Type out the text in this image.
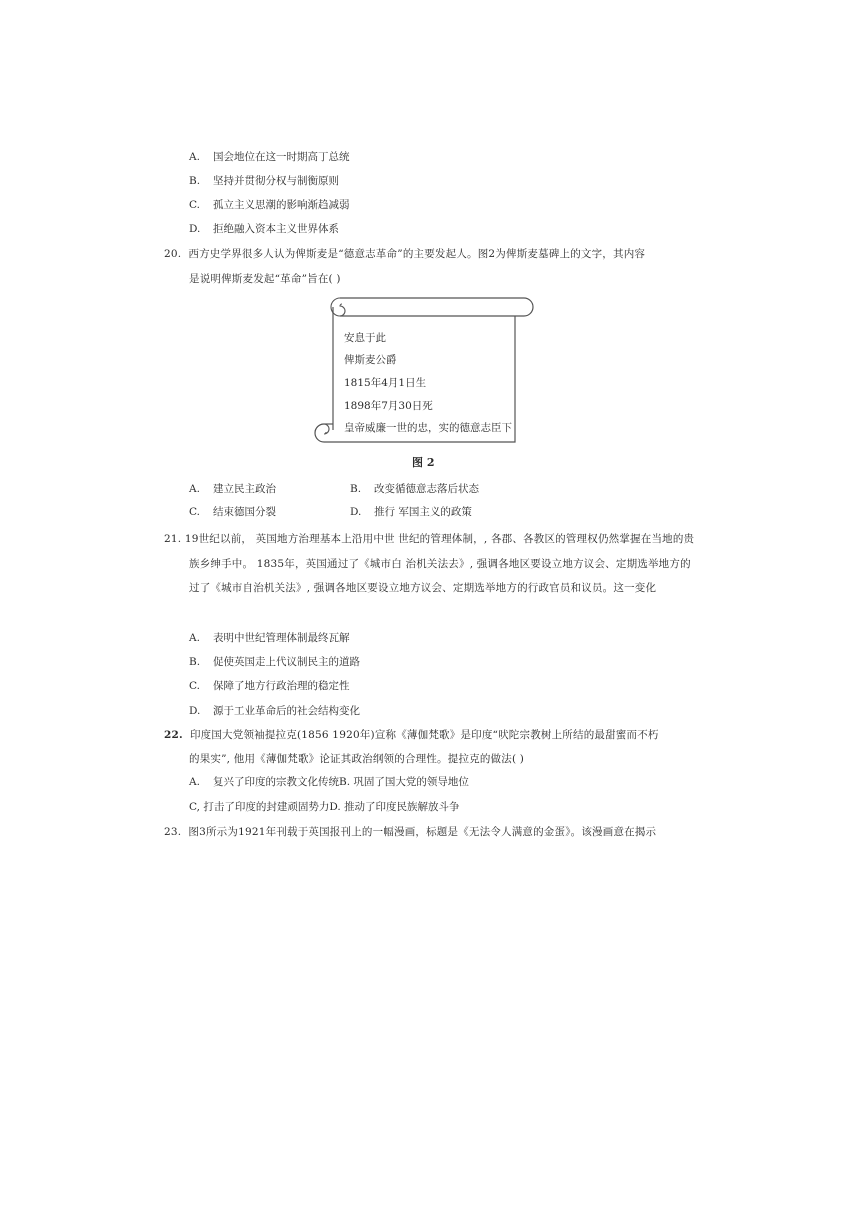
A. 国会地位在这一时期高丁总统
B. 坚持并贯彻分权与制衡原则
C. 孤立主义思潮的影响渐趋减弱
D. 拒绝融入资本主义世界体系
20. 西方史学界很多人认为俾斯麦是“德意志革命”的主要发起人。图2为俾斯麦墓碑上的文字，其内容
是说明俾斯麦发起“革命”旨在( )
安息于此
俾斯麦公爵
1815年4月1日生
1898年7月30日死
皇帝威廉一世的忠，实的德意志臣下
图 2
A. 建立民主政治	B. 改变循德意志落后状态
C. 结束德国分裂	D. 推行 军国主义的政策
21. 19世纪以前， 英国地方治理基本上沿用中世 世纪的管理体制，, 各郡、各教区的管理权仍然掌握在当地的贵
族乡绅手中。 1835年，英国通过了《城市白 治机关法去》, 强调各地区要设立地方议会、定期选举地方的
过了《城市自治机关法》, 强调各地区要设立地方议会、定期选举地方的行政官员和议员。这一变化
A. 表明中世纪管理体制最终瓦解
B. 促使英国走上代议制民主的道路
C. 保障了地方行政治理的稳定性
D. 源于工业革命后的社会结构变化
22. 印度国大党领袖提拉克(1856 1920年)宣称《薄伽梵歌》是印度“吠陀宗教树上所结的最甜蜜而不朽
的果实”, 他用《薄伽梵歌》论证其政治纲领的合理性。提拉克的做法( )
A. 复兴了印度的宗教文化传统B. 巩固了国大党的领导地位
C, 打击了印度的封建顽固势力D. 推动了印度民族解放斗争
23. 图3所示为1921年刊载于英国报刊上的一幅漫画，标题是《无法令人满意的金蛋》。该漫画意在揭示
